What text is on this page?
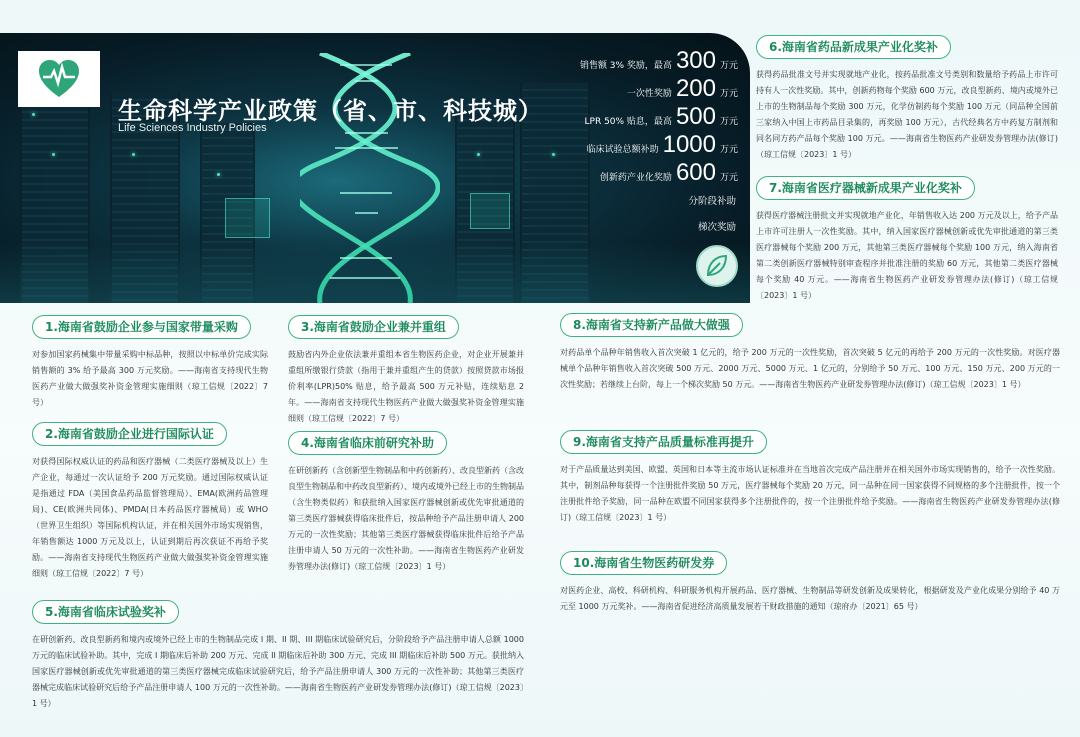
生命科学产业政策（省、市、科技城）
Life Sciences Industry Policies
销售额 3% 奖励，最高 300 万元
一次性奖励 200 万元
LPR 50% 贴息，最高 500 万元
临床试验总额补助 1000 万元
创新药产业化奖励 600 万元
分阶段补助
梯次奖励
1.海南省鼓励企业参与国家带量采购
对参加国家药械集中带量采购中标品种，按照以中标单价完成实际销售额的 3% 给予最高 300 万元奖励。——海南省支持现代生物医药产业做大做强奖补资金管理实施细则（琼工信规〔2022〕7 号）
2.海南省鼓励企业进行国际认证
对获得国际权威认证的药品和医疗器械（二类医疗器械及以上）生产企业，每通过一次认证给予 200 万元奖励。通过国际权威认证是指通过 FDA（美国食品药品监督管理局）、EMA(欧洲药品管理局)、CE(欧洲共同体)、PMDA(日本药品医疗器械局）或 WHO（世界卫生组织）等国际机构认证，并在相关国外市场实现销售，年销售额达 1000 万元及以上，认证到期后再次获证不再给予奖励。——海南省支持现代生物医药产业做大做强奖补资金管理实施细则（琼工信规〔2022〕7 号）
5.海南省临床试验奖补
在研创新药、改良型新药和境内或境外已经上市的生物制品完成 I 期、II 期、III 期临床试验研究后，分阶段给予产品注册申请人总额 1000 万元的临床试验补助。其中，完成 I 期临床后补助 200 万元、完成 II 期临床后补助 300 万元、完成 III 期临床后补助 500 万元。获批纳入国家医疗器械创新或优先审批通道的第三类医疗器械完成临床试验研究后，给予产品注册申请人 300 万元的一次性补助；其他第三类医疗器械完成临床试验研究后给予产品注册申请人 100 万元的一次性补助。——海南省生物医药产业研发券管理办法(修订)（琼工信规〔2023〕1 号）
3.海南省鼓励企业兼并重组
鼓励省内外企业依法兼并重组本省生物医药企业，对企业开展兼并重组所缴银行贷款（指用于兼并重组产生的贷款）按照贷款市场报价利率(LPR)50% 贴息，给予最高 500 万元补贴，连续贴息 2 年。——海南省支持现代生物医药产业做大做强奖补资金管理实施细则（琼工信规〔2022〕7 号）
4.海南省临床前研究补助
在研创新药（含创新型生物制品和中药创新药）、改良型新药（含改良型生物制品和中药改良型新药）、境内或境外已经上市的生物制品（含生物类似药）和获批纳入国家医疗器械创新或优先审批通道的第三类医疗器械获得临床批件后，按品种给予产品注册申请人 200 万元的一次性奖励；其他第三类医疗器械获得临床批件后给予产品注册申请人 50 万元的一次性补助。——海南省生物医药产业研发券管理办法(修订)（琼工信规〔2023〕1 号）
6.海南省药品新成果产业化奖补
获得药品批准文号并实现就地产业化，按药品批准文号类别和数量给予药品上市许可持有人一次性奖励。其中，创新药物每个奖励 600 万元，改良型新药、境内或境外已上市的生物制品每个奖励 300 万元，化学仿制药每个奖励 100 万元（同品种全国前三家纳入中国上市药品目录集的，再奖励 100 万元），古代经典名方中药复方制剂和同名同方药产品每个奖励 100 万元。——海南省生物医药产业研发券管理办法(修订)（琼工信规〔2023〕1 号）
7.海南省医疗器械新成果产业化奖补
获得医疗器械注册批文并实现就地产业化，年销售收入达 200 万元及以上，给予产品上市许可注册人一次性奖励。其中，纳入国家医疗器械创新或优先审批通道的第三类医疗器械每个奖励 200 万元，其他第三类医疗器械每个奖励 100 万元，纳入海南省第二类创新医疗器械特别审查程序并批准注册的奖励 60 万元，其他第二类医疗器械每个奖励 40 万元。——海南省生物医药产业研发券管理办法(修订)（琼工信规〔2023〕1 号）
8.海南省支持新产品做大做强
对药品单个品种年销售收入首次突破 1 亿元的，给予 200 万元的一次性奖励，首次突破 5 亿元的再给予 200 万元的一次性奖励。对医疗器械单个品种年销售收入首次突破 500 万元、2000 万元、5000 万元、1 亿元的，分别给予 50 万元、100 万元、150 万元、200 万元的一次性奖励；若继续上台阶，每上一个梯次奖励 50 万元。——海南省生物医药产业研发券管理办法(修订)（琼工信规〔2023〕1 号）
9.海南省支持产品质量标准再提升
对于产品质量达到美国、欧盟、英国和日本等主流市场认证标准并在当地首次完成产品注册并在相关国外市场实现销售的，给予一次性奖励。其中，制剂品种每获得一个注册批件奖励 50 万元，医疗器械每个奖励 20 万元，同一品种在同一国家获得不同规格的多个注册批件，按一个注册批件给予奖励，同一品种在欧盟不同国家获得多个注册批件的，按一个注册批件给予奖励。——海南省生物医药产业研发券管理办法(修订)（琼工信规〔2023〕1 号）
10.海南省生物医药研发券
对医药企业、高校、科研机构、科研服务机构开展药品、医疗器械、生物制品等研发创新及成果转化，根据研发及产业化成果分别给予 40 万元至 1000 万元奖补。——海南省促进经济高质量发展若干财政措施的通知（琼府办〔2021〕65 号）
